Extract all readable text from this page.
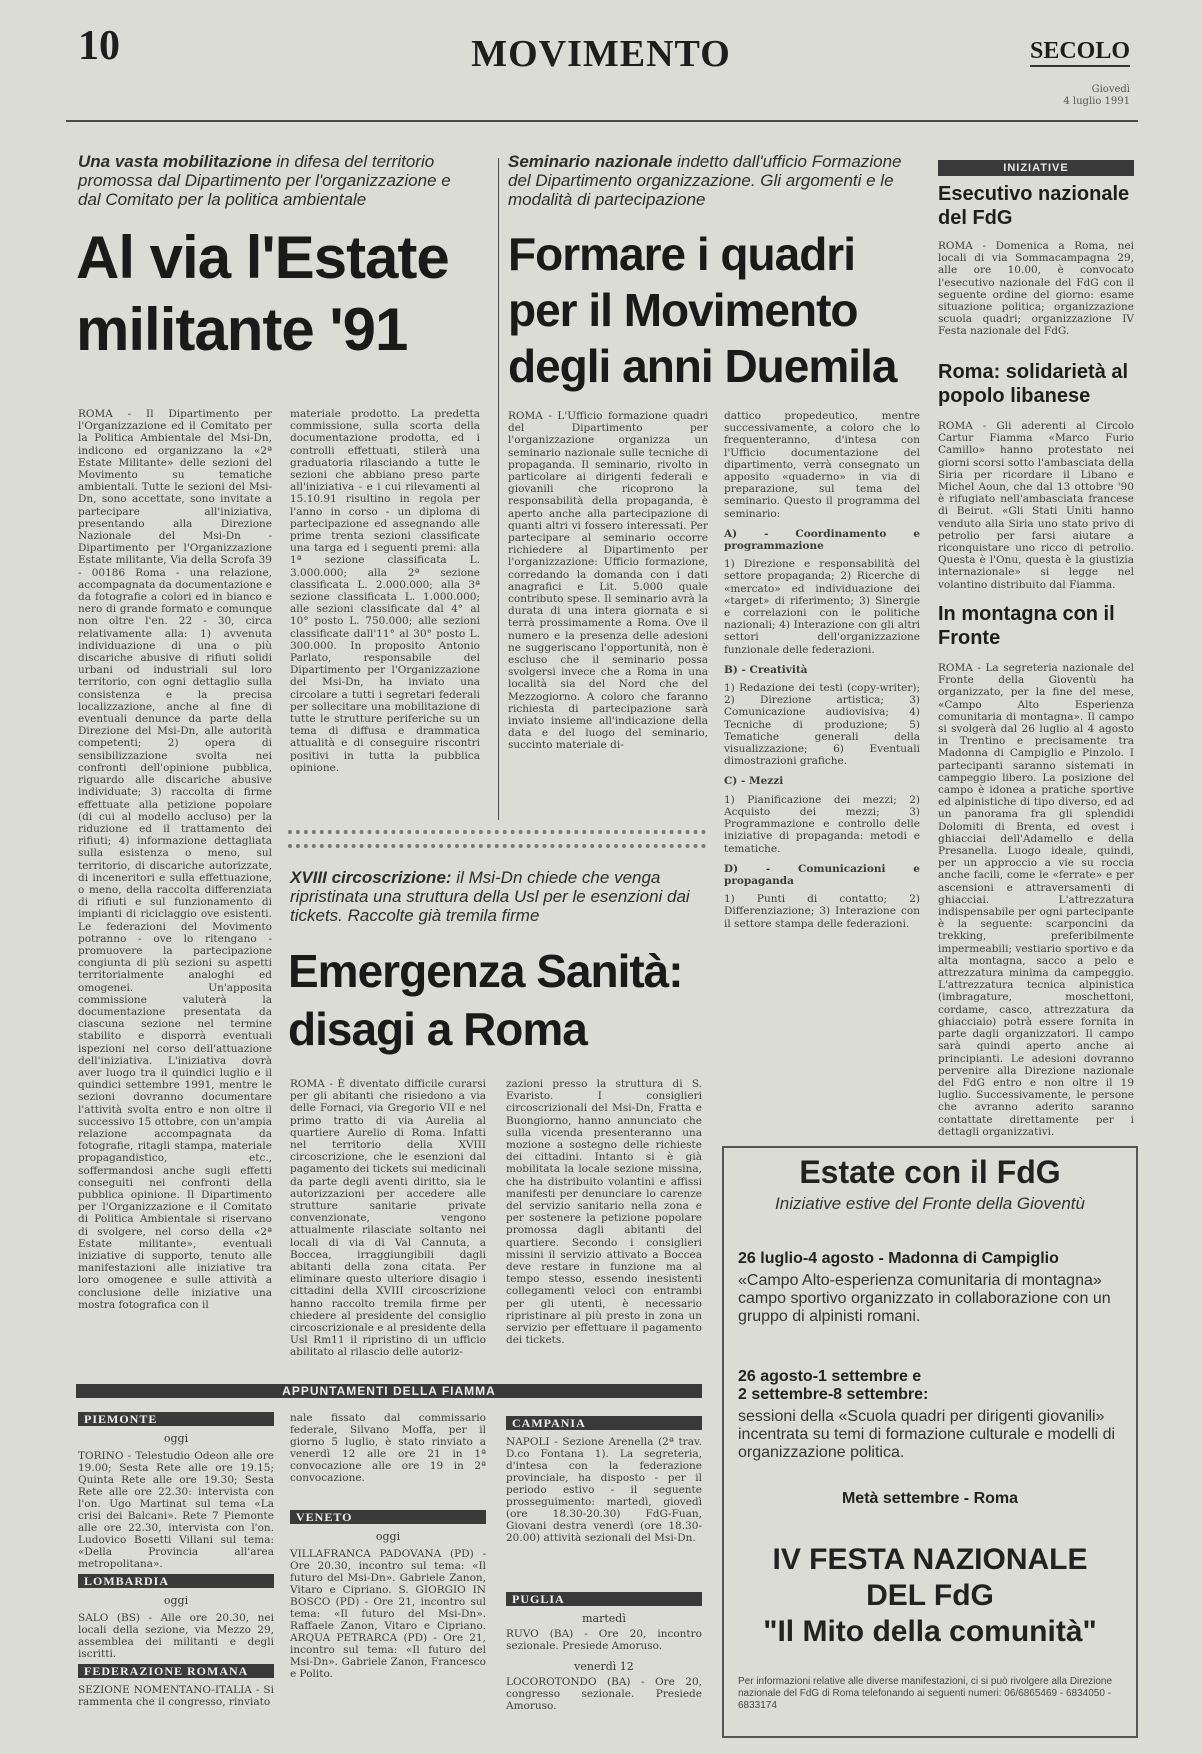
10	MOVIMENTO	SECOLO
Giovedì
4 luglio 1991
Una vasta mobilitazione in difesa del territorio promossa dal Dipartimento per l'organizzazione e dal Comitato per la politica ambientale
Al via l'Estate
militante '91
ROMA - Il Dipartimento per l'Organizzazione ed il Comitato per la Politica Ambientale del Msi-Dn, indicono ed organizzano la «2ª Estate Militante» delle sezioni del Movimento su tematiche ambientali. Tutte le sezioni del Msi-Dn, sono accettate, sono invitate a partecipare all'iniziativa, presentando alla Direzione Nazionale del Msi-Dn - Dipartimento per l'Organizzazione Estate militante, Via della Scrofa 39 - 00186 Roma - una relazione, accompagnata da documentazione e da fotografie a colori ed in bianco e nero di grande formato e comunque non oltre l'en. 22 - 30, circa relativamente alla: 1) avvenuta individuazione di una o più discariche abusive di rifiuti solidi urbani od industriali sul loro territorio, con ogni dettaglio sulla consistenza e la precisa localizzazione, anche al fine di eventuali denunce da parte della Direzione del Msi-Dn, alle autorità competenti; 2) opera di sensibilizzazione svolta nei confronti dell'opinione pubblica, riguardo alle discariche abusive individuate; 3) raccolta di firme effettuate alla petizione popolare (di cui al modello accluso) per la riduzione ed il trattamento dei rifiuti; 4) informazione dettagliata sulla esistenza o meno, sul territorio, di discariche autorizzate, di inceneritori e sulla effettuazione, o meno, della raccolta differenziata di rifiuti e sul funzionamento di impianti di riciclaggio ove esistenti. Le federazioni del Movimento potranno - ove lo ritengano - promuovere la partecipazione congiunta di più sezioni su aspetti territorialmente analoghi ed omogenei. Un'apposita commissione valuterà la documentazione presentata da ciascuna sezione nel termine stabilito e disporrà eventuali ispezioni nel corso dell'attuazione dell'iniziativa. L'iniziativa dovrà aver luogo tra il quindici luglio e il quindici settembre 1991, mentre le sezioni dovranno documentare l'attività svolta entro e non oltre il successivo 15 ottobre, con un'ampia relazione accompagnata da fotografie, ritagli stampa, materiale propagandistico, etc., soffermandosi anche sugli effetti conseguiti nei confronti della pubblica opinione. Il Dipartimento per l'Organizzazione e il Comitato di Politica Ambientale si riservano di svolgere, nel corso della «2ª Estate militante», eventuali iniziative di supporto, tenuto alle manifestazioni alle iniziative tra loro omogenee e sulle attività a conclusione delle iniziative una mostra fotografica con il
materiale prodotto. La predetta commissione, sulla scorta della documentazione prodotta, ed i controlli effettuati, stilerà una graduatoria rilasciando a tutte le sezioni che abbiano preso parte all'iniziativa - e i cui rilevamenti al 15.10.91 risultino in regola per l'anno in corso - un diploma di partecipazione ed assegnando alle prime trenta sezioni classificate una targa ed i seguenti premi: alla 1ª sezione classificata L. 3.000.000; alla 2ª sezione classificata L. 2.000.000; alla 3ª sezione classificata L. 1.000.000; alle sezioni classificate dal 4° al 10° posto L. 750.000; alle sezioni classificate dall'11° al 30° posto L. 300.000. In proposito Antonio Parlato, responsabile del Dipartimento per l'Organizzazione del Msi-Dn, ha inviato una circolare a tutti i segretari federali per sollecitare una mobilitazione di tutte le strutture periferiche su un tema di diffusa e drammatica attualità e di conseguire riscontri positivi in tutta la pubblica opinione.
Seminario nazionale indetto dall'ufficio Formazione del Dipartimento organizzazione. Gli argomenti e le modalità di partecipazione
Formare i quadri
per il Movimento
degli anni Duemila
ROMA - L'Ufficio formazione quadri del Dipartimento per l'organizzazione organizza un seminario nazionale sulle tecniche di propaganda. Il seminario, rivolto in particolare ai dirigenti federali e giovanili che ricoprono la responsabilità della propaganda, è aperto anche alla partecipazione di quanti altri vi fossero interessati. Per partecipare al seminario occorre richiedere al Dipartimento per l'organizzazione: Ufficio formazione, corredando la domanda con i dati anagrafici e Lit. 5.000 quale contributo spese. Il seminario avrà la durata di una intera giornata e si terrà prossimamente a Roma. Ove il numero e la presenza delle adesioni ne suggeriscano l'opportunità, non è escluso che il seminario possa svolgersi invece che a Roma in una località sia del Nord che del Mezzogiorno. A coloro che faranno richiesta di partecipazione sarà inviato insieme all'indicazione della data e del luogo del seminario, succinto materiale di-
dattico propedeutico, mentre successivamente, a coloro che lo frequenteranno, d'intesa con l'Ufficio documentazione del dipartimento, verrà consegnato un apposito «quaderno» in via di preparazione, sul tema del seminario. Questo il programma del seminario:
A) - Coordinamento e programmazione
1) Direzione e responsabilità del settore propaganda; 2) Ricerche di «mercato» ed individuazione dei «target» di riferimento; 3) Sinergie e correlazioni con le politiche nazionali; 4) Interazione con gli altri settori dell'organizzazione funzionale delle federazioni.
B) - Creatività
1) Redazione dei testi (copy-writer); 2) Direzione artistica; 3) Comunicazione audiovisiva; 4) Tecniche di produzione; 5) Tematiche generali della visualizzazione; 6) Eventuali dimostrazioni grafiche.
C) - Mezzi
1) Pianificazione dei mezzi; 2) Acquisto dei mezzi; 3) Programmazione e controllo delle iniziative di propaganda: metodi e tematiche.
D) - Comunicazioni e propaganda
1) Punti di contatto; 2) Differenziazione; 3) Interazione con il settore stampa delle federazioni.
XVIII circoscrizione: il Msi-Dn chiede che venga ripristinata una struttura della Usl per le esenzioni dai tickets. Raccolte già tremila firme
Emergenza Sanità:
disagi a Roma
ROMA - È diventato difficile curarsi per gli abitanti che risiedono a via delle Fornaci, via Gregorio VII e nel primo tratto di via Aurelia al quartiere Aurelio di Roma. Infatti nel territorio della XVIII circoscrizione, che le esenzioni dal pagamento dei tickets sui medicinali da parte degli aventi diritto, sia le autorizzazioni per accedere alle strutture sanitarie private convenzionate, vengono attualmente rilasciate soltanto nei locali di via di Val Cannuta, a Boccea, irraggiungibili dagli abitanti della zona citata. Per eliminare questo ulteriore disagio i cittadini della XVIII circoscrizione hanno raccolto tremila firme per chiedere al presidente del consiglio circoscrizionale e al presidente della Usl Rm11 il ripristino di un ufficio abilitato al rilascio delle autoriz-
zazioni presso la struttura di S. Evaristo. I consiglieri circoscrizionali del Msi-Dn, Fratta e Buongiorno, hanno annunciato che sulla vicenda presenteranno una mozione a sostegno delle richieste dei cittadini. Intanto si è già mobilitata la locale sezione missina, che ha distribuito volantini e affissi manifesti per denunciare lo carenze del servizio sanitario nella zona e per sostenere la petizione popolare promossa dagli abitanti del quartiere. Secondo i consiglieri missini il servizio attivato a Boccea deve restare in funzione ma al tempo stesso, essendo inesistenti collegamenti veloci con entrambi per gli utenti, è necessario ripristinare al più presto in zona un servizio per effettuare il pagamento dei tickets.
INIZIATIVE
Esecutivo nazionale del FdG
ROMA - Domenica a Roma, nei locali di via Sommacampagna 29, alle ore 10.00, è convocato l'esecutivo nazionale del FdG con il seguente ordine del giorno: esame situazione politica; organizzazione scuola quadri; organizzazione IV Festa nazionale del FdG.
Roma: solidarietà al popolo libanese
ROMA - Gli aderenti al Circolo Cartur Fiamma «Marco Furio Camillo» hanno protestato nei giorni scorsi sotto l'ambasciata della Siria per ricordare il Libano e Michel Aoun, che dal 13 ottobre '90 è rifugiato nell'ambasciata francese di Beirut. «Gli Stati Uniti hanno venduto alla Siria uno stato privo di petrolio per farsi aiutare a riconquistare uno ricco di petrolio. Questa è l'Onu, questa è la giustizia internazionale» si legge nel volantino distribuito dal Fiamma.
In montagna con il Fronte
ROMA - La segreteria nazionale del Fronte della Gioventù ha organizzato, per la fine del mese, «Campo Alto Esperienza comunitaria di montagna». Il campo si svolgerà dal 26 luglio al 4 agosto in Trentino e precisamente tra Madonna di Campiglio e Pinzolo. I partecipanti saranno sistemati in campeggio libero. La posizione del campo è idonea a pratiche sportive ed alpinistiche di tipo diverso, ed ad un panorama fra gli splendidi Dolomiti di Brenta, ed ovest i ghiacciai dell'Adamello e della Presanella. Luogo ideale, quindi, per un approccio a vie su roccia anche facili, come le «ferrate» e per ascensioni e attraversamenti di ghiacciai. L'attrezzatura indispensabile per ogni partecipante è la seguente: scarponcini da trekking, preferibilmente impermeabili; vestiario sportivo e da alta montagna, sacco a pelo e attrezzatura minima da campeggio. L'attrezzatura tecnica alpinistica (imbragature, moschettoni, cordame, casco, attrezzatura da ghiacciaio) potrà essere fornita in parte dagli organizzatori. Il campo sarà quindi aperto anche ai principianti. Le adesioni dovranno pervenire alla Direzione nazionale del FdG entro e non oltre il 19 luglio. Successivamente, le persone che avranno aderito saranno contattate direttamente per i dettagli organizzativi.
Estate con il FdG
Iniziative estive del Fronte della Gioventù
26 luglio-4 agosto - Madonna di Campiglio
«Campo Alto-esperienza comunitaria di montagna» campo sportivo organizzato in collaborazione con un gruppo di alpinisti romani.
26 agosto-1 settembre e
2 settembre-8 settembre:
sessioni della «Scuola quadri per dirigenti giovanili» incentrata su temi di formazione culturale e modelli di organizzazione politica.
Metà settembre - Roma
IV FESTA NAZIONALE
DEL FdG
"Il Mito della comunità"
Per informazioni relative alle diverse manifestazioni, ci si può rivolgere alla Direzione nazionale del FdG di Roma telefonando ai seguenti numeri: 06/6865469 - 6834050 - 6833174
APPUNTAMENTI DELLA FIAMMA
PIEMONTE
oggi
TORINO - Telestudio Odeon alle ore 19.00; Sesta Rete alle ore 19.15; Quinta Rete alle ore 19.30; Sesta Rete alle ore 22.30: intervista con l'on. Ugo Martinat sul tema «La crisi dei Balcani». Rete 7 Piemonte alle ore 22.30, intervista con l'on. Ludovico Bosetti Villani sul tema: «Della Provincia all'area metropolitana».
LOMBARDIA
oggi
SALO (BS) - Alle ore 20.30, nei locali della sezione, via Mezzo 29, assemblea dei militanti e degli iscritti.
FEDERAZIONE ROMANA
SEZIONE NOMENTANO-ITALIA - Si rammenta che il congresso, rinviato
nale fissato dal commissario federale, Silvano Moffa, per il giorno 5 luglio, è stato rinviato a venerdì 12 alle ore 21 in 1ª convocazione alle ore 19 in 2ª convocazione.
VENETO
oggi
VILLAFRANCA PADOVANA (PD) - Ore 20.30, incontro sul tema: «Il futuro del Msi-Dn». Gabriele Zanon, Vitaro e Cipriano. S. GIORGIO IN BOSCO (PD) - Ore 21, incontro sul tema: «Il futuro del Msi-Dn». Raffaele Zanon, Vitaro e Cipriano. ARQUA PETRARCA (PD) - Ore 21, incontro sul tema: «Il futuro del Msi-Dn». Gabriele Zanon, Francesco e Polito.
CAMPANIA
NAPOLI - Sezione Arenella (2ª trav. D.co Fontana 1). La segreteria, d'intesa con la federazione provinciale, ha disposto - per il periodo estivo - il seguente prosseguimento: martedì, giovedì (ore 18.30-20.30) FdG-Fuan, Giovani destra venerdì (ore 18.30-20.00) attività sezionali del Msi-Dn.
PUGLIA
martedì
RUVO (BA) - Ore 20, incontro sezionale. Presiede Amoruso.
venerdì 12
LOCOROTONDO (BA) - Ore 20, congresso sezionale. Presiede Amoruso.
